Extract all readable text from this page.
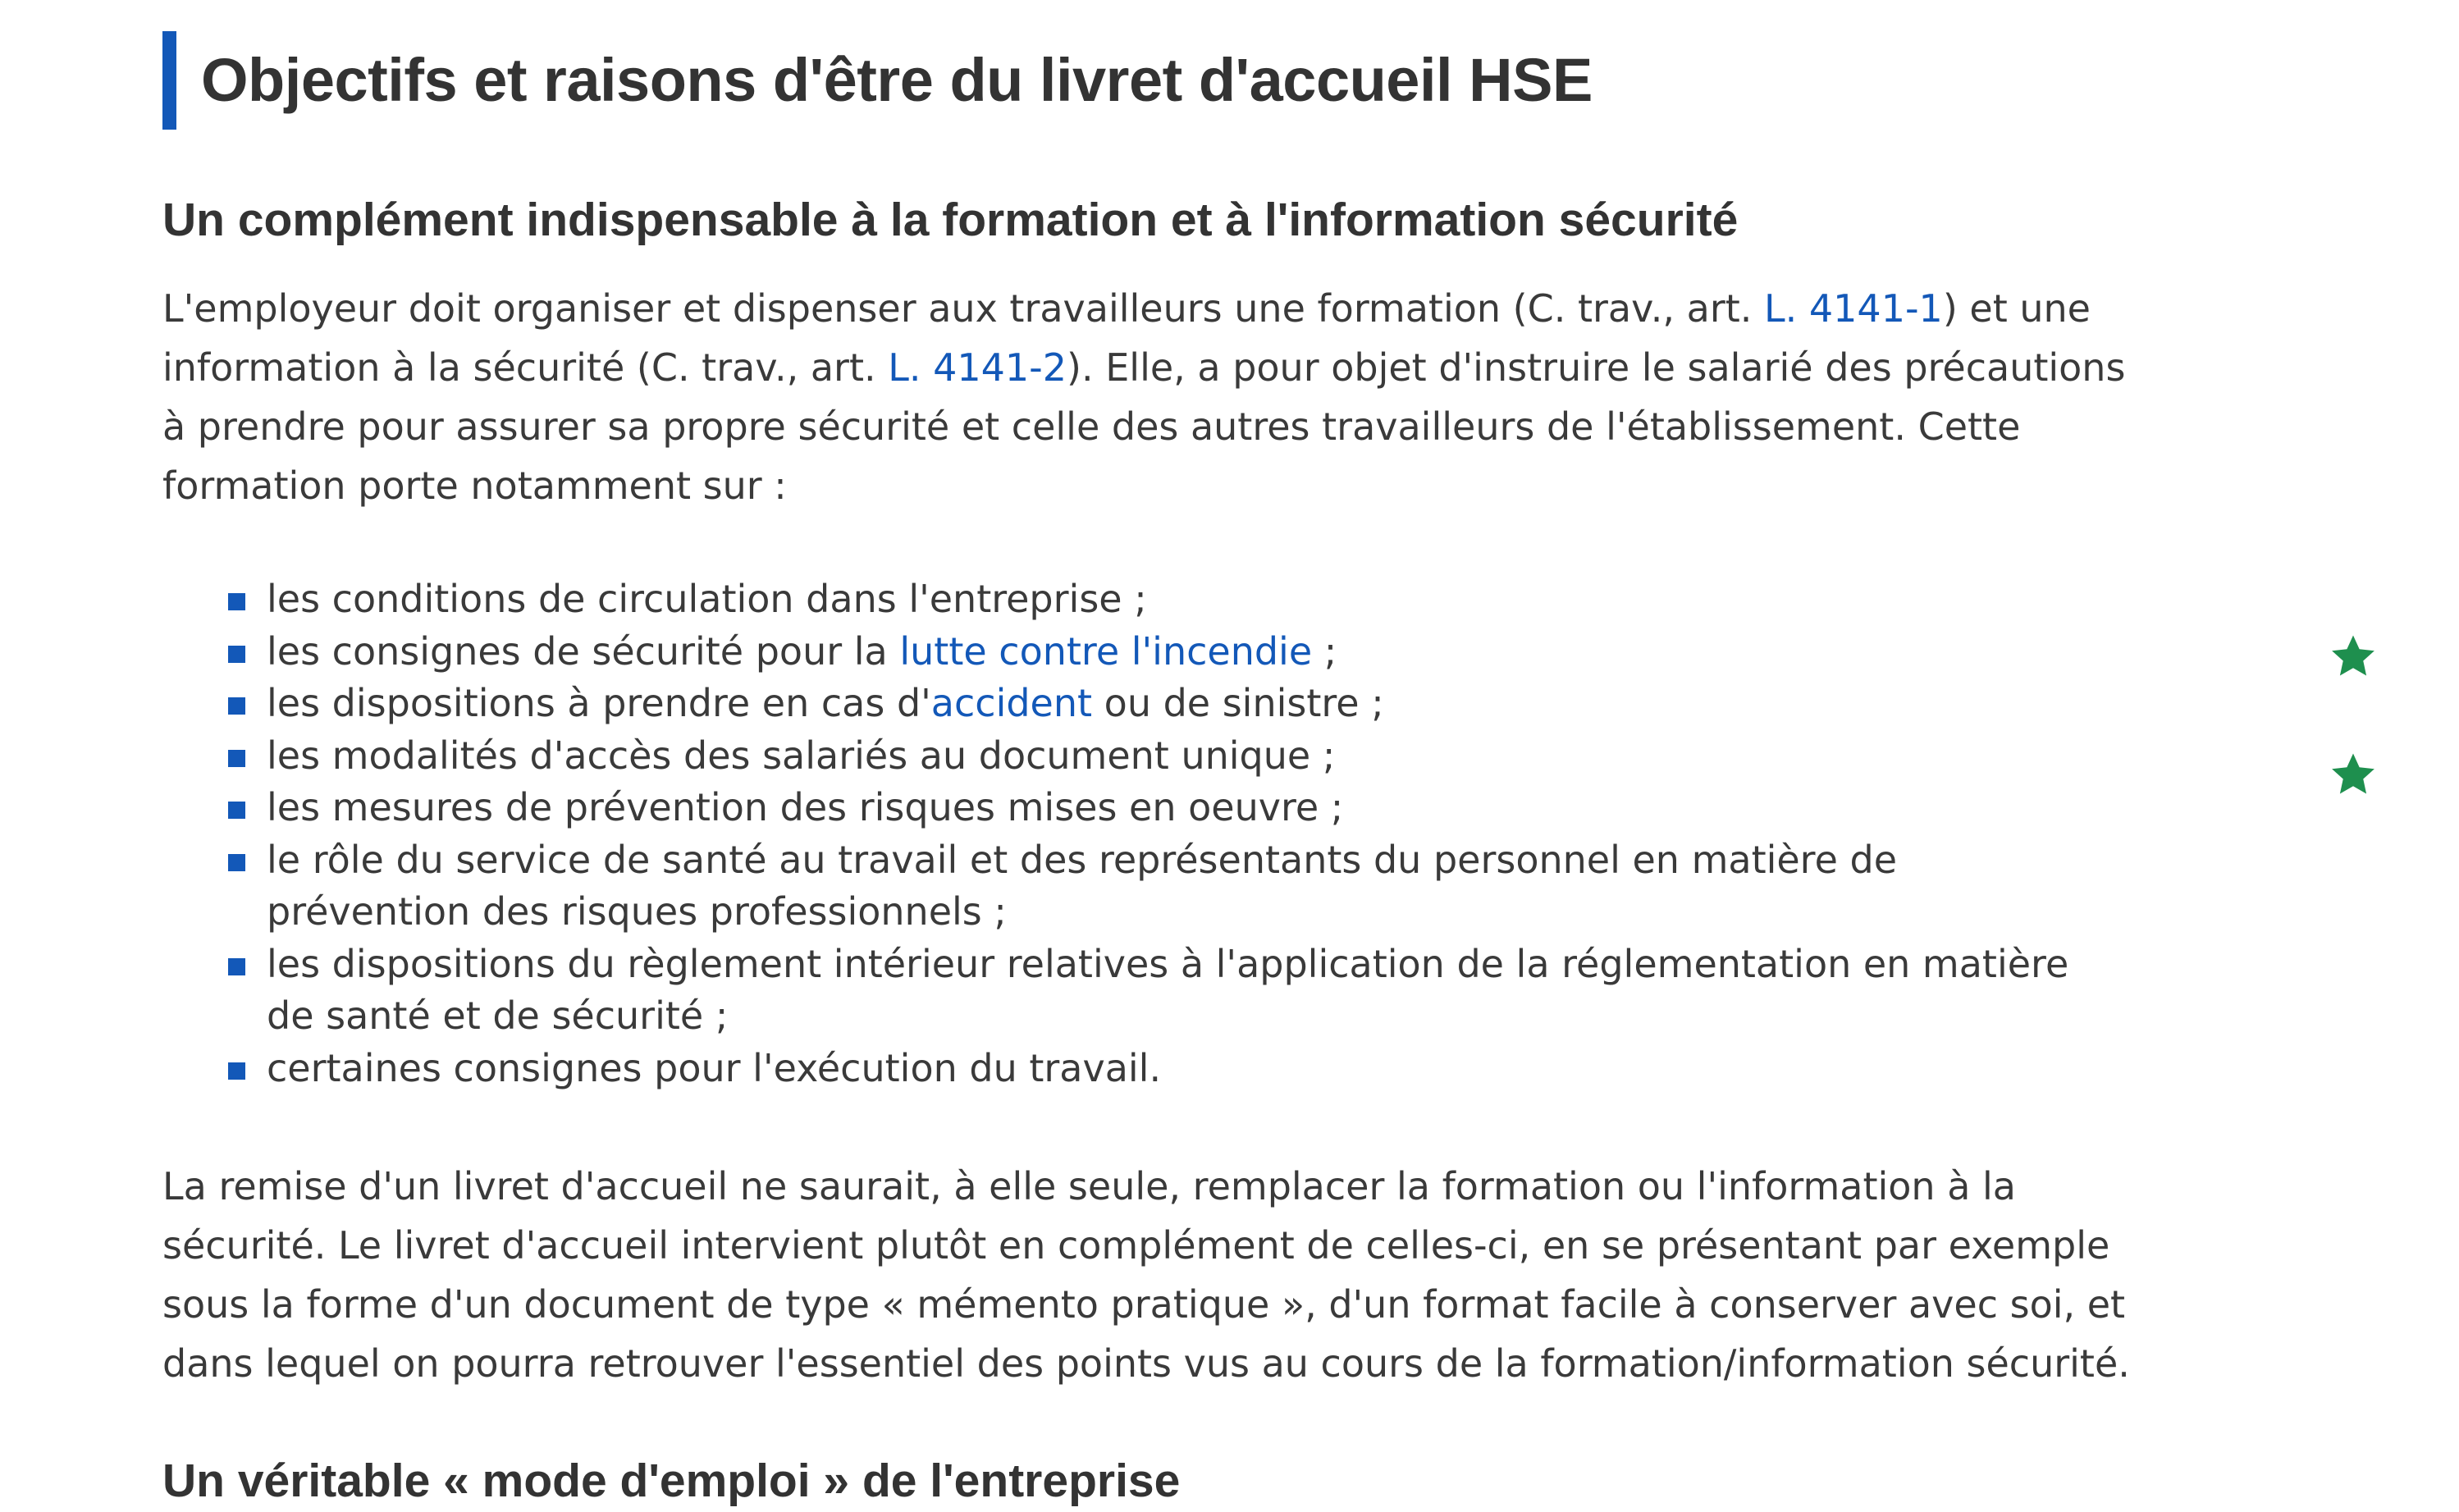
Objectifs et raisons d'être du livret d'accueil HSE
Un complément indispensable à la formation et à l'information sécurité

L'employeur doit organiser et dispenser aux travailleurs une formation (C. trav., art. L. 4141-1) et une
information à la sécurité (C. trav., art. L. 4141-2). Elle, a pour objet d'instruire le salarié des précautions
à prendre pour assurer sa propre sécurité et celle des autres travailleurs de l'établissement. Cette
formation porte notamment sur :

les conditions de circulation dans l'entreprise ;
les consignes de sécurité pour la lutte contre l'incendie ;
les dispositions à prendre en cas d'accident ou de sinistre ;
les modalités d'accès des salariés au document unique ;
les mesures de prévention des risques mises en oeuvre ;
le rôle du service de santé au travail et des représentants du personnel en matière de
prévention des risques professionnels ;
les dispositions du règlement intérieur relatives à l'application de la réglementation en matière
de santé et de sécurité ;
certaines consignes pour l'exécution du travail.

La remise d'un livret d'accueil ne saurait, à elle seule, remplacer la formation ou l'information à la
sécurité. Le livret d'accueil intervient plutôt en complément de celles-ci, en se présentant par exemple
sous la forme d'un document de type « mémento pratique », d'un format facile à conserver avec soi, et
dans lequel on pourra retrouver l'essentiel des points vus au cours de la formation/information sécurité.

Un véritable « mode d'emploi » de l'entreprise
